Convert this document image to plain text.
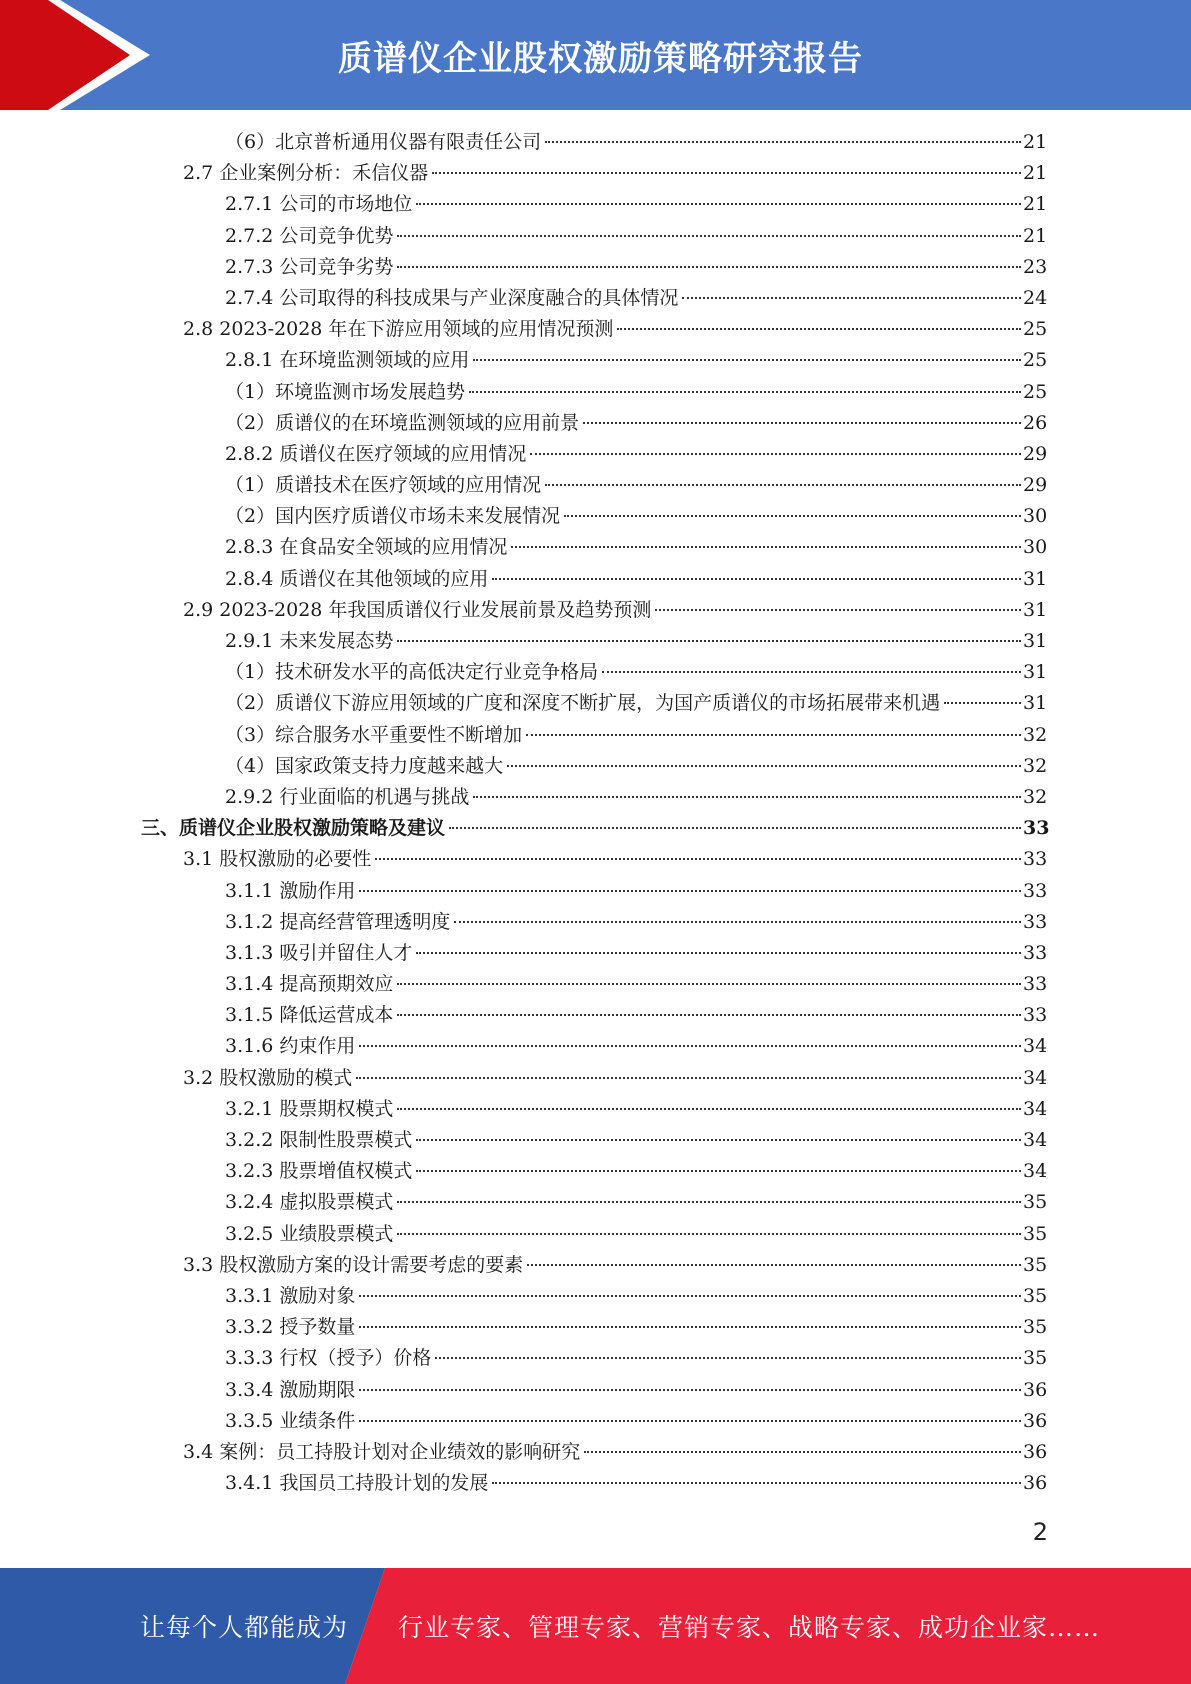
质谱仪企业股权激励策略研究报告
（6）北京普析通用仪器有限责任公司	21
2.7 企业案例分析：禾信仪器	21
2.7.1 公司的市场地位	21
2.7.2 公司竞争优势	21
2.7.3 公司竞争劣势	23
2.7.4 公司取得的科技成果与产业深度融合的具体情况	24
2.8 2023-2028 年在下游应用领域的应用情况预测	25
2.8.1 在环境监测领域的应用	25
（1）环境监测市场发展趋势	25
（2）质谱仪的在环境监测领域的应用前景	26
2.8.2 质谱仪在医疗领域的应用情况	29
（1）质谱技术在医疗领域的应用情况	29
（2）国内医疗质谱仪市场未来发展情况	30
2.8.3 在食品安全领域的应用情况	30
2.8.4 质谱仪在其他领域的应用	31
2.9 2023-2028 年我国质谱仪行业发展前景及趋势预测	31
2.9.1 未来发展态势	31
（1）技术研发水平的高低决定行业竞争格局	31
（2）质谱仪下游应用领域的广度和深度不断扩展，为国产质谱仪的市场拓展带来机遇	31
（3）综合服务水平重要性不断增加	32
（4）国家政策支持力度越来越大	32
2.9.2 行业面临的机遇与挑战	32
三、质谱仪企业股权激励策略及建议	33
3.1 股权激励的必要性	33
3.1.1 激励作用	33
3.1.2 提高经营管理透明度	33
3.1.3 吸引并留住人才	33
3.1.4 提高预期效应	33
3.1.5 降低运营成本	33
3.1.6 约束作用	34
3.2 股权激励的模式	34
3.2.1 股票期权模式	34
3.2.2 限制性股票模式	34
3.2.3 股票增值权模式	34
3.2.4 虚拟股票模式	35
3.2.5 业绩股票模式	35
3.3 股权激励方案的设计需要考虑的要素	35
3.3.1 激励对象	35
3.3.2 授予数量	35
3.3.3 行权（授予）价格	35
3.3.4 激励期限	36
3.3.5 业绩条件	36
3.4 案例：员工持股计划对企业绩效的影响研究	36
3.4.1 我国员工持股计划的发展	36
2
让每个人都能成为 行业专家、管理专家、营销专家、战略专家、成功企业家……
